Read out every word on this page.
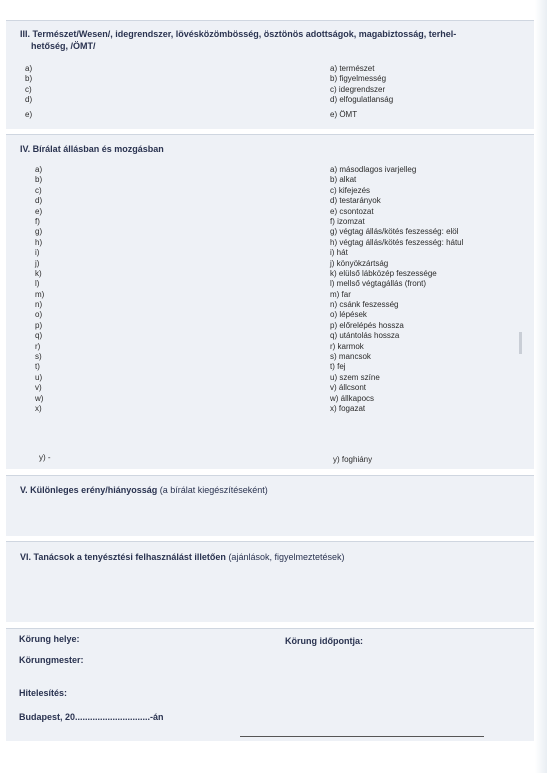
III. Természet/Wesen/, idegrendszer, lövésközömbösség, ösztönös adottságok, magabiztosság, terhel-
hetőség, /ÖMT/
a)
b)
c)
d)
e)
a) természet
b) figyelmesség
c) idegrendszer
d) elfogulatlanság
e) ÖMT
IV. Bírálat állásban és mozgásban
a)
b)
c)
d)
e)
f)
g)
h)
i)
j)
k)
l)
m)
n)
o)
p)
q)
r)
s)
t)
u)
v)
w)
x)
a) másodlagos ivarjelleg
b) alkat
c) kifejezés
d) testarányok
e) csontozat
f) izomzat
g) végtag állás/kötés feszesség: elöl
h) végtag állás/kötés feszesség: hátul
i) hát
j) könyökzártság
k) elülső lábközép feszessége
l) mellső végtagállás (front)
m) far
n) csánk feszesség
o) lépések
p) előrelépés hossza
q) utántolás hossza
r) karmok
s) mancsok
t) fej
u) szem színe
v) állcsont
w) állkapocs
x) fogazat
y) -	y) foghiány
V. Különleges erény/hiányosság (a bírálat kiegészítéseként)
VI. Tanácsok a tenyésztési felhasználást illetően (ajánlások, figyelmeztetések)
Körung helye:	Körung időpontja:
Körungmester:
Hitelesítés:
Budapest, 20..............................-án
